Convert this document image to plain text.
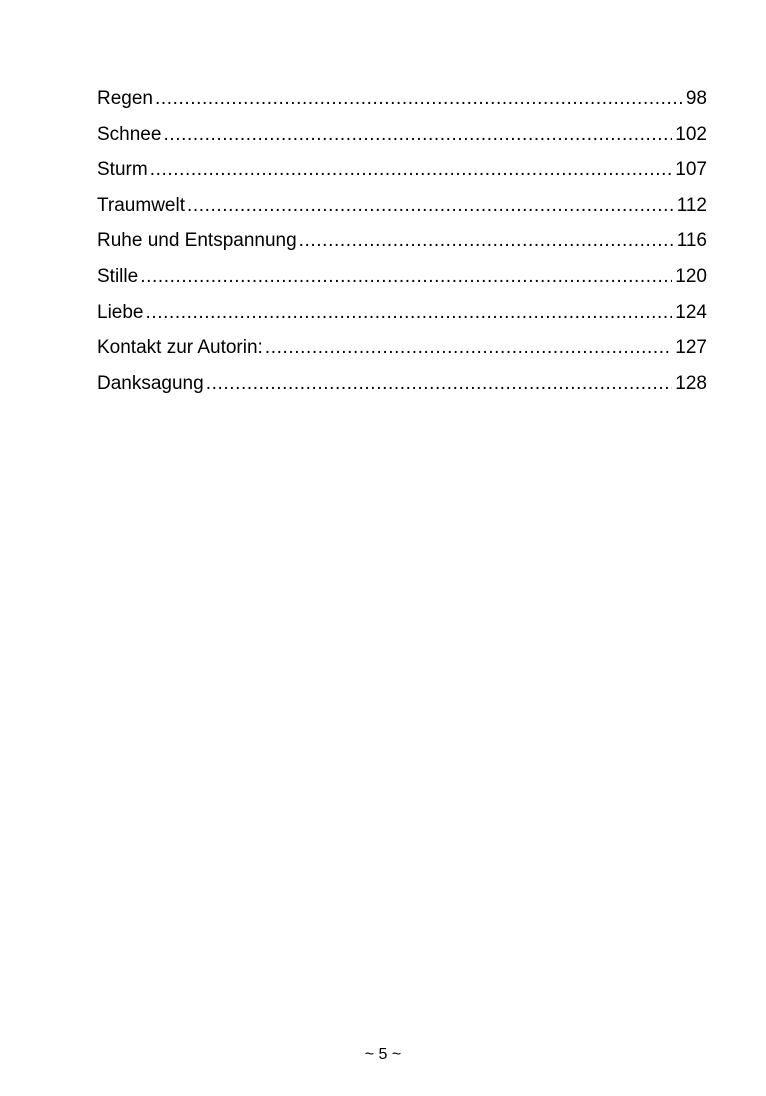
Regen .....	98
Schnee .....	102
Sturm .....	107
Traumwelt .....	112
Ruhe und Entspannung .....	116
Stille .....	120
Liebe .....	124
Kontakt zur Autorin: .....	127
Danksagung .....	128
~ 5 ~
